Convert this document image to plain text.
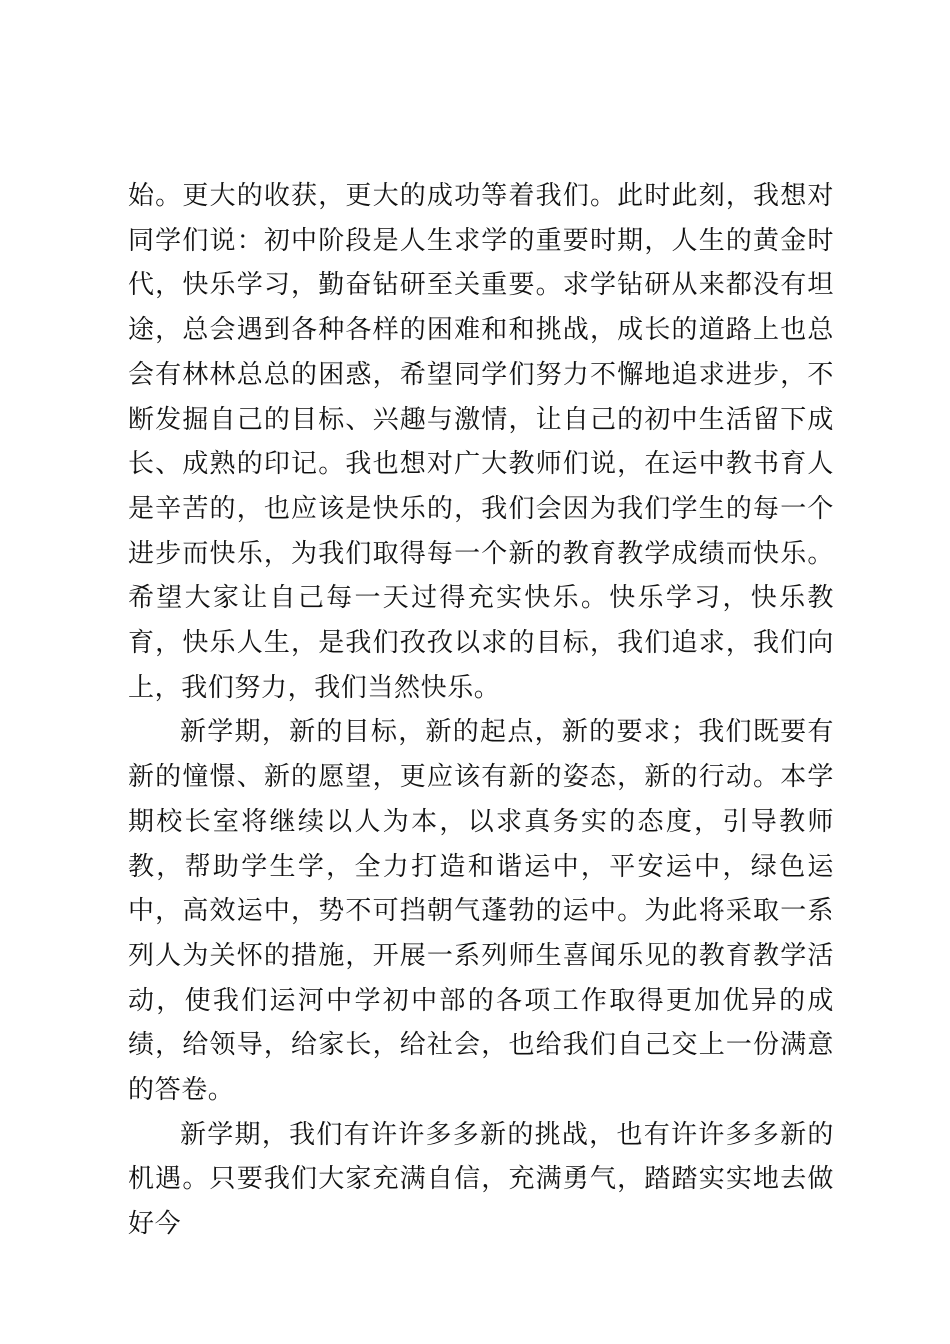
始。更大的收获，更大的成功等着我们。此时此刻，我想对同学们说：初中阶段是人生求学的重要时期，人生的黄金时代，快乐学习，勤奋钻研至关重要。求学钻研从来都没有坦途，总会遇到各种各样的困难和和挑战，成长的道路上也总会有林林总总的困惑，希望同学们努力不懈地追求进步，不断发掘自己的目标、兴趣与激情，让自己的初中生活留下成长、成熟的印记。我也想对广大教师们说，在运中教书育人是辛苦的，也应该是快乐的，我们会因为我们学生的每一个进步而快乐，为我们取得每一个新的教育教学成绩而快乐。希望大家让自己每一天过得充实快乐。快乐学习，快乐教育，快乐人生，是我们孜孜以求的目标，我们追求，我们向上，我们努力，我们当然快乐。

新学期，新的目标，新的起点，新的要求；我们既要有新的憧憬、新的愿望，更应该有新的姿态，新的行动。本学期校长室将继续以人为本，以求真务实的态度，引导教师教，帮助学生学，全力打造和谐运中，平安运中，绿色运中，高效运中，势不可挡朝气蓬勃的运中。为此将采取一系列人为关怀的措施，开展一系列师生喜闻乐见的教育教学活动，使我们运河中学初中部的各项工作取得更加优异的成绩，给领导，给家长，给社会，也给我们自己交上一份满意的答卷。

新学期，我们有许许多多新的挑战，也有许许多多新的机遇。只要我们大家充满自信，充满勇气，踏踏实实地去做好今
